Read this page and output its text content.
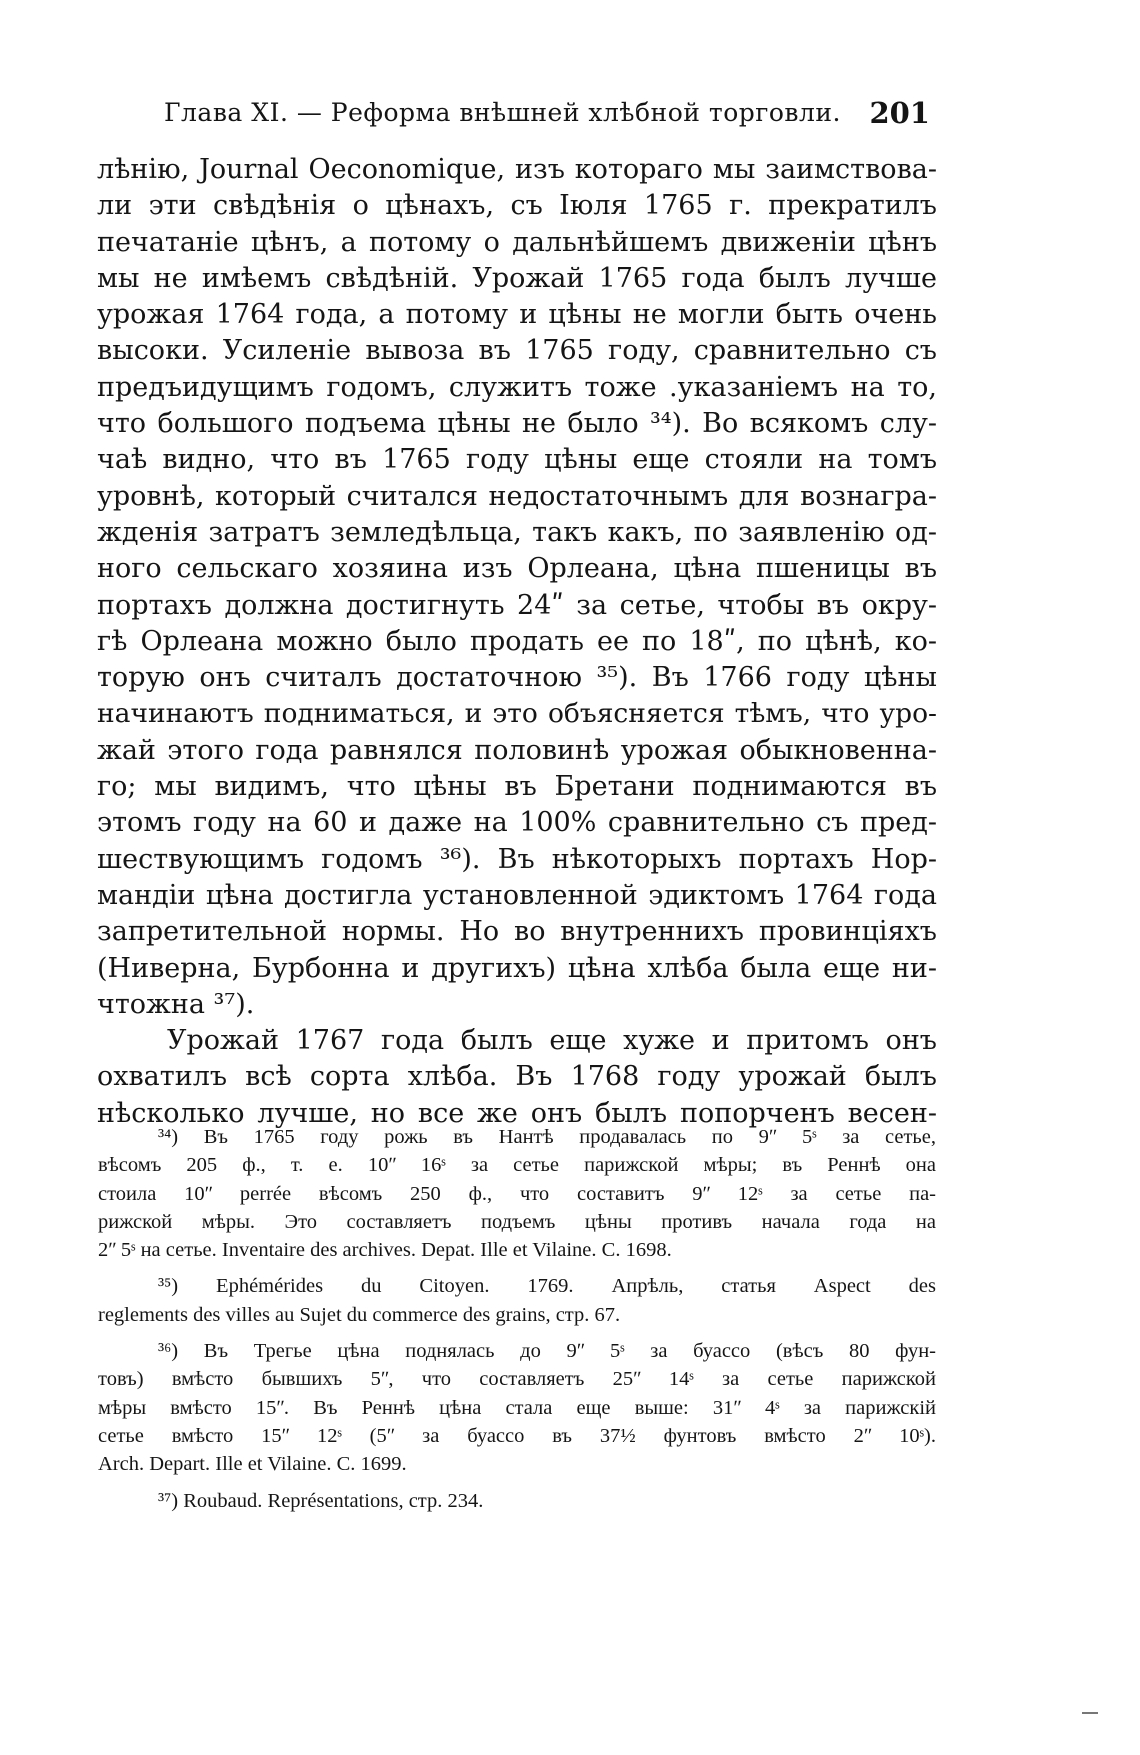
Глава XI. — Реформа внѣшней хлѣбной торговли. 201
лѣнію, Journal Oeconomique, изъ котораго мы заимствова-
ли эти свѣдѣнія о цѣнахъ, съ Іюля 1765 г. прекратилъ
печатаніе цѣнъ, а потому о дальнѣйшемъ движеніи цѣнъ
мы не имѣемъ свѣдѣній. Урожай 1765 года былъ лучше
урожая 1764 года, а потому и цѣны не могли быть очень
высоки. Усиленіе вывоза въ 1765 году, сравнительно съ
предъидущимъ годомъ, служитъ тоже .указаніемъ на то,
что большого подъема цѣны не было ³⁴). Во всякомъ слу-
чаѣ видно, что въ 1765 году цѣны еще стояли на томъ
уровнѣ, который считался недостаточнымъ для вознагра-
жденія затратъ земледѣльца, такъ какъ, по заявленію од-
ного сельскаго хозяина изъ Орлеана, цѣна пшеницы въ
портахъ должна достигнуть 24ʺ за сетье, чтобы въ окру-
гѣ Орлеана можно было продать ее по 18ʺ, по цѣнѣ, ко-
торую онъ считалъ достаточною ³⁵). Въ 1766 году цѣны
начинаютъ подниматься, и это объясняется тѣмъ, что уро-
жай этого года равнялся половинѣ урожая обыкновенна-
го; мы видимъ, что цѣны въ Бретани поднимаются въ
этомъ году на 60 и даже на 100% сравнительно съ пред-
шествующимъ годомъ ³⁶). Въ нѣкоторыхъ портахъ Нор-
мандіи цѣна достигла установленной эдиктомъ 1764 года
запретительной нормы. Но во внутреннихъ провинціяхъ
(Ниверна, Бурбонна и другихъ) цѣна хлѣба была еще ни-
чтожна ³⁷).
Урожай 1767 года былъ еще хуже и притомъ онъ
охватилъ всѣ сорта хлѣба. Въ 1768 году урожай былъ
нѣсколько лучше, но все же онъ былъ попорченъ весен-
³⁴) Въ 1765 году рожь въ Нантѣ продавалась по 9ʺ 5ˢ за сетье,
вѣсомъ 205 ф., т. е. 10ʺ 16ˢ за сетье парижской мѣры; въ Реннѣ она
стоила 10ʺ perrée вѣсомъ 250 ф., что составитъ 9ʺ 12ˢ за сетье па-
рижской мѣры. Это составляетъ подъемъ цѣны противъ начала года на
2ʺ 5ˢ на сетье. Inventaire des archives. Depat. Ille et Vilaine. C. 1698.
³⁵) Ephémérides du Citoyen. 1769. Апрѣль, статья Aspect des
reglements des villes au Sujet du commerce des grains, стр. 67.
³⁶) Въ Трегье цѣна поднялась до 9ʺ 5ˢ за буассо (вѣсъ 80 фун-
товъ) вмѣсто бывшихъ 5ʺ, что составляетъ 25ʺ 14ˢ за сетье парижской
мѣры вмѣсто 15ʺ. Въ Реннѣ цѣна стала еще выше: 31ʺ 4ˢ за парижскій
сетье вмѣсто 15ʺ 12ˢ (5ʺ за буассо въ 37½ фунтовъ вмѣсто 2ʺ 10ˢ).
Arch. Depart. Ille et Vilaine. C. 1699.
³⁷) Roubaud. Représentations, стр. 234.
